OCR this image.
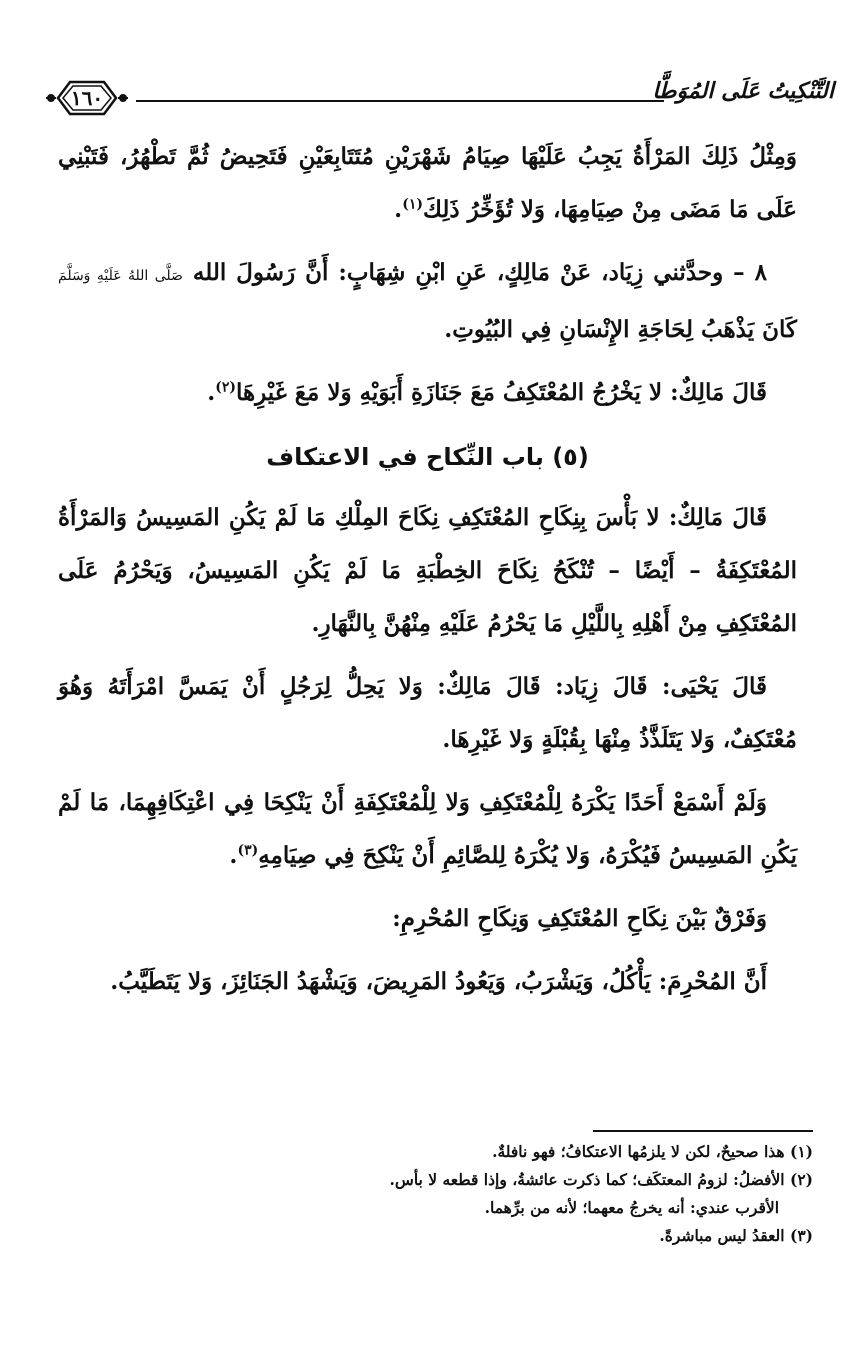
١٦٠	التَّنْكِيتُ عَلَى المُوَطَّا

وَمِثْلُ ذَلِكَ المَرْأَةُ يَجِبُ عَلَيْهَا صِيَامُ شَهْرَيْنِ مُتَتَابِعَيْنِ فَتَحِيضُ ثُمَّ تَطْهُرُ، فَتَبْنِي عَلَى مَا مَضَى مِنْ صِيَامِهَا، وَلا تُؤَخِّرُ ذَلِكَ$^{(١)}$.

٨ – وحدَّثني زِيَاد، عَنْ مَالِكٍ، عَنِ ابْنِ شِهَابٍ: أَنَّ رَسُولَ الله صَلَّى اللهُ عَلَيْهِ وَسَلَّمَ كَانَ يَذْهَبُ لِحَاجَةِ الإِنْسَانِ فِي البُيُوتِ.

قَالَ مَالِكٌ: لا يَخْرُجُ المُعْتَكِفُ مَعَ جَنَازَةِ أَبَوَيْهِ وَلا مَعَ غَيْرِهَا$^{(٢)}$.

(٥) باب النِّكاح في الاعتكاف

قَالَ مَالِكٌ: لا بَأْسَ بِنِكَاحِ المُعْتَكِفِ نِكَاحَ المِلْكِ مَا لَمْ يَكُنِ المَسِيسُ وَالمَرْأَةُ المُعْتَكِفَةُ – أَيْضًا – تُنْكَحُ نِكَاحَ الخِطْبَةِ مَا لَمْ يَكُنِ المَسِيسُ، وَيَحْرُمُ عَلَى المُعْتَكِفِ مِنْ أَهْلِهِ بِاللَّيْلِ مَا يَحْرُمُ عَلَيْهِ مِنْهُنَّ بِالنَّهَارِ.

قَالَ يَحْيَى: قَالَ زِيَاد: قَالَ مَالِكٌ: وَلا يَحِلُّ لِرَجُلٍ أَنْ يَمَسَّ امْرَأَتَهُ وَهُوَ مُعْتَكِفٌ، وَلا يَتَلَذَّذُ مِنْهَا بِقُبْلَةٍ وَلا غَيْرِهَا.

وَلَمْ أَسْمَعْ أَحَدًا يَكْرَهُ لِلْمُعْتَكِفِ وَلا لِلْمُعْتَكِفَةِ أَنْ يَنْكِحَا فِي اعْتِكَافِهِمَا، مَا لَمْ يَكُنِ المَسِيسُ فَيُكْرَهُ، وَلا يُكْرَهُ لِلصَّائِمِ أَنْ يَنْكِحَ فِي صِيَامِهِ$^{(٣)}$.

وَفَرْقٌ بَيْنَ نِكَاحِ المُعْتَكِفِ وَنِكَاحِ المُحْرِمِ:

أَنَّ المُحْرِمَ: يَأْكُلُ، وَيَشْرَبُ، وَيَعُودُ المَرِيضَ، وَيَشْهَدُ الجَنَائِزَ، وَلا يَتَطَيَّبُ.

(١) هذا صحيحٌ، لكن لا يلزمُها الاعتكافُ؛ فهو نافلةٌ.

(٢) الأفضلُ: لزومُ المعتكَف؛ كما ذكرت عائشةُ، وإذا قطعه لا بأس.

الأقرب عندي: أنه يخرجُ معهما؛ لأنه من برِّهما.

(٣) العقدُ ليس مباشرةً.
